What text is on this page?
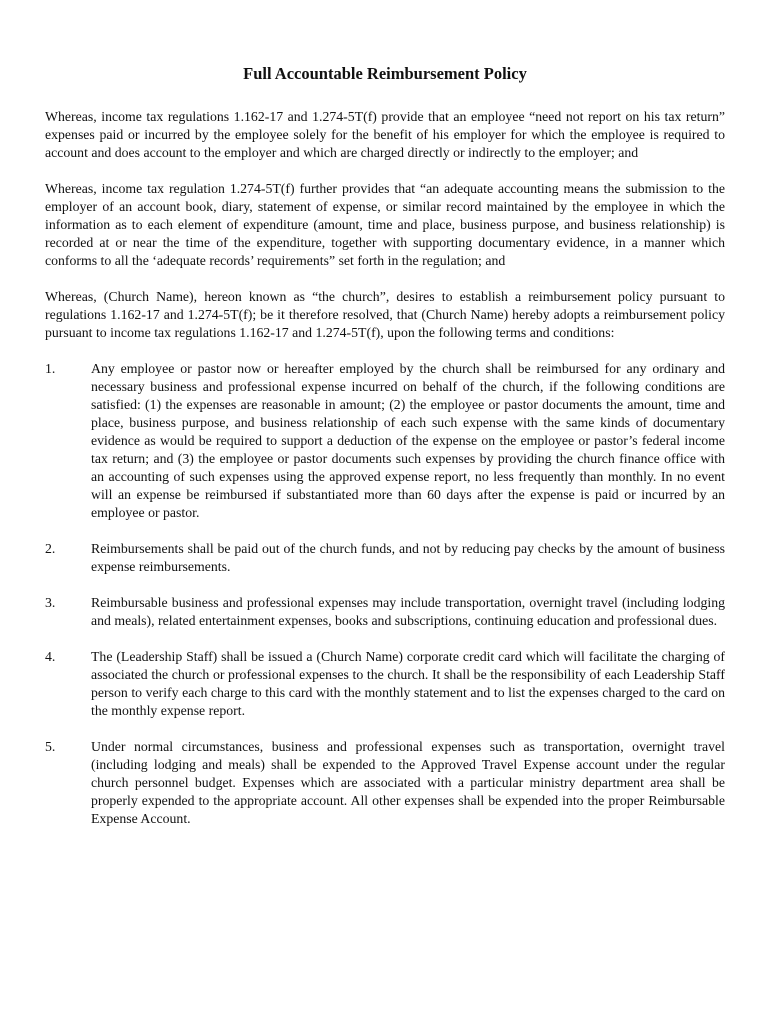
Full Accountable Reimbursement Policy

Whereas, income tax regulations 1.162-17 and 1.274-5T(f) provide that an employee “need not report on his tax return” expenses paid or incurred by the employee solely for the benefit of his employer for which the employee is required to account and does account to the employer and which are charged directly or indirectly to the employer; and

Whereas, income tax regulation 1.274-5T(f) further provides that “an adequate accounting means the submission to the employer of an account book, diary, statement of expense, or similar record maintained by the employee in which the information as to each element of expenditure (amount, time and place, business purpose, and business relationship) is recorded at or near the time of the expenditure, together with supporting documentary evidence, in a manner which conforms to all the ‘adequate records’ requirements” set forth in the regulation; and

Whereas, (Church Name), hereon known as “the church”, desires to establish a reimbursement policy pursuant to regulations 1.162-17 and 1.274-5T(f); be it therefore resolved, that (Church Name) hereby adopts a reimbursement policy pursuant to income tax regulations 1.162-17 and 1.274-5T(f), upon the following terms and conditions:

1.	Any employee or pastor now or hereafter employed by the church shall be reimbursed for any ordinary and necessary business and professional expense incurred on behalf of the church, if the following conditions are satisfied: (1) the expenses are reasonable in amount; (2) the employee or pastor documents the amount, time and place, business purpose, and business relationship of each such expense with the same kinds of documentary evidence as would be required to support a deduction of the expense on the employee or pastor’s federal income tax return; and (3) the employee or pastor documents such expenses by providing the church finance office with an accounting of such expenses using the approved expense report, no less frequently than monthly. In no event will an expense be reimbursed if substantiated more than 60 days after the expense is paid or incurred by an employee or pastor.
2.	Reimbursements shall be paid out of the church funds, and not by reducing pay checks by the amount of business expense reimbursements.
3.	Reimbursable business and professional expenses may include transportation, overnight travel (including lodging and meals), related entertainment expenses, books and subscriptions, continuing education and professional dues.
4.	The (Leadership Staff) shall be issued a (Church Name) corporate credit card which will facilitate the charging of associated the church or professional expenses to the church. It shall be the responsibility of each Leadership Staff person to verify each charge to this card with the monthly statement and to list the expenses charged to the card on the monthly expense report.
5.	Under normal circumstances, business and professional expenses such as transportation, overnight travel (including lodging and meals) shall be expended to the Approved Travel Expense account under the regular church personnel budget. Expenses which are associated with a particular ministry department area shall be properly expended to the appropriate account. All other expenses shall be expended into the proper Reimbursable Expense Account.
